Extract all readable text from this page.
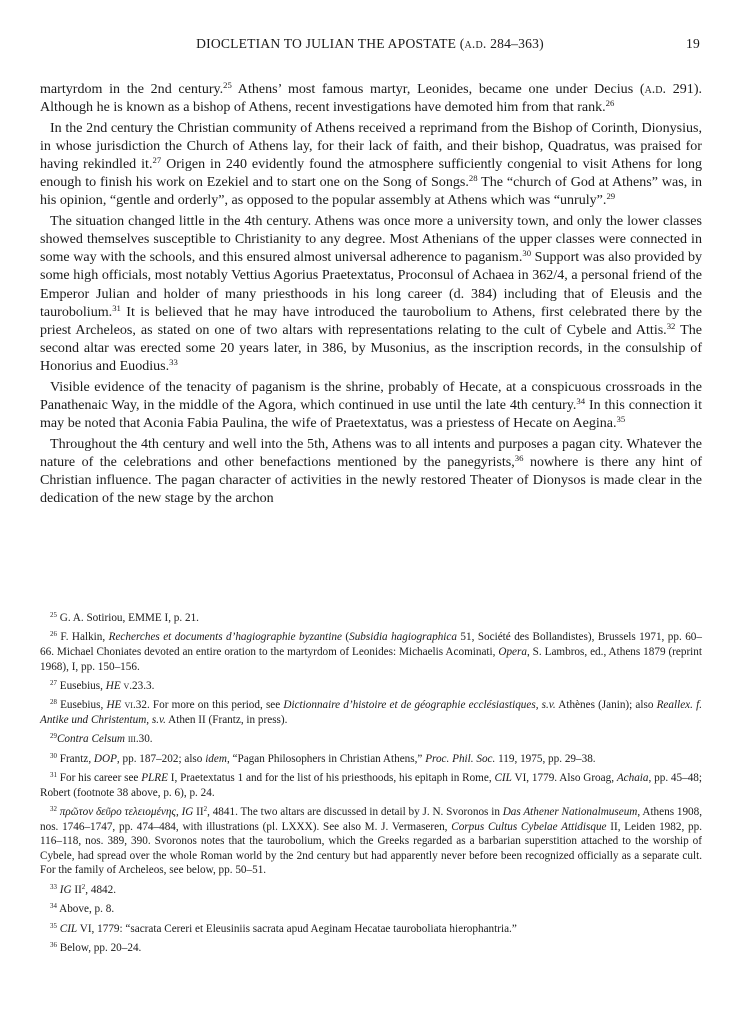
DIOCLETIAN TO JULIAN THE APOSTATE (a.d. 284–363)	19

martyrdom in the 2nd century.$^{25}$ Athens’ most famous martyr, Leonides, became one under Decius (a.d. 291). Although he is known as a bishop of Athens, recent investigations have demoted him from that rank.$^{26}$

In the 2nd century the Christian community of Athens received a reprimand from the Bishop of Corinth, Dionysius, in whose jurisdiction the Church of Athens lay, for their lack of faith, and their bishop, Quadratus, was praised for having rekindled it.$^{27}$ Origen in 240 evidently found the atmosphere sufficiently congenial to visit Athens for long enough to finish his work on Ezekiel and to start one on the Song of Songs.$^{28}$ The “church of God at Athens” was, in his opinion, “gentle and orderly”, as opposed to the popular assembly at Athens which was “unruly”.$^{29}$

The situation changed little in the 4th century. Athens was once more a university town, and only the lower classes showed themselves susceptible to Christianity to any degree. Most Athenians of the upper classes were connected in some way with the schools, and this ensured almost universal adherence to paganism.$^{30}$ Support was also provided by some high officials, most notably Vettius Agorius Praetextatus, Proconsul of Achaea in 362/4, a personal friend of the Emperor Julian and holder of many priesthoods in his long career (d. 384) including that of Eleusis and the taurobolium.$^{31}$ It is believed that he may have introduced the taurobolium to Athens, first celebrated there by the priest Archeleos, as stated on one of two altars with representations relating to the cult of Cybele and Attis.$^{32}$ The second altar was erected some 20 years later, in 386, by Musonius, as the inscription records, in the consulship of Honorius and Euodius.$^{33}$

Visible evidence of the tenacity of paganism is the shrine, probably of Hecate, at a conspicuous crossroads in the Panathenaic Way, in the middle of the Agora, which continued in use until the late 4th century.$^{34}$ In this connection it may be noted that Aconia Fabia Paulina, the wife of Praetextatus, was a priestess of Hecate on Aegina.$^{35}$

Throughout the 4th century and well into the 5th, Athens was to all intents and purposes a pagan city. Whatever the nature of the celebrations and other benefactions mentioned by the panegyrists,$^{36}$ nowhere is there any hint of Christian influence. The pagan character of activities in the newly restored Theater of Dionysos is made clear in the dedication of the new stage by the archon

$^{25}$ G. A. Sotiriou, EMME I, p. 21.

$^{26}$ F. Halkin, Recherches et documents d’hagiographie byzantine (Subsidia hagiographica 51, Société des Bollandistes), Brussels 1971, pp. 60–66. Michael Choniates devoted an entire oration to the martyrdom of Leonides: Michaelis Acominati, Opera, S. Lambros, ed., Athens 1879 (reprint 1968), I, pp. 150–156.

$^{27}$ Eusebius, HE v.23.3.

$^{28}$ Eusebius, HE vi.32. For more on this period, see Dictionnaire d’histoire et de géographie ecclésiastiques, s.v. Athènes (Janin); also Reallex. f. Antike und Christentum, s.v. Athen II (Frantz, in press).

$^{29}$Contra Celsum iii.30.

$^{30}$ Frantz, DOP, pp. 187–202; also idem, “Pagan Philosophers in Christian Athens,” Proc. Phil. Soc. 119, 1975, pp. 29–38.

$^{31}$ For his career see PLRE I, Praetextatus 1 and for the list of his priesthoods, his epitaph in Rome, CIL VI, 1779. Also Groag, Achaia, pp. 45–48; Robert (footnote 38 above, p. 6), p. 24.

$^{32}$ πρῶτον δεῦρο τελειομένης, IG $II^2$, 4841. The two altars are discussed in detail by J. N. Svoronos in Das Athener Nationalmuseum, Athens 1908, nos. 1746–1747, pp. 474–484, with illustrations (pl. LXXX). See also M. J. Vermaseren, Corpus Cultus Cybelae Attidisque II, Leiden 1982, pp. 116–118, nos. 389, 390. Svoronos notes that the taurobolium, which the Greeks regarded as a barbarian superstition attached to the worship of Cybele, had spread over the whole Roman world by the 2nd century but had apparently never before been recognized officially as a separate cult. For the family of Archeleos, see below, pp. 50–51.

$^{33}$ IG $II^2$, 4842.

$^{34}$ Above, p. 8.

$^{35}$ CIL VI, 1779: “sacrata Cereri et Eleusiniis sacrata apud Aeginam Hecatae tauroboliata hierophantria.”

$^{36}$ Below, pp. 20–24.
